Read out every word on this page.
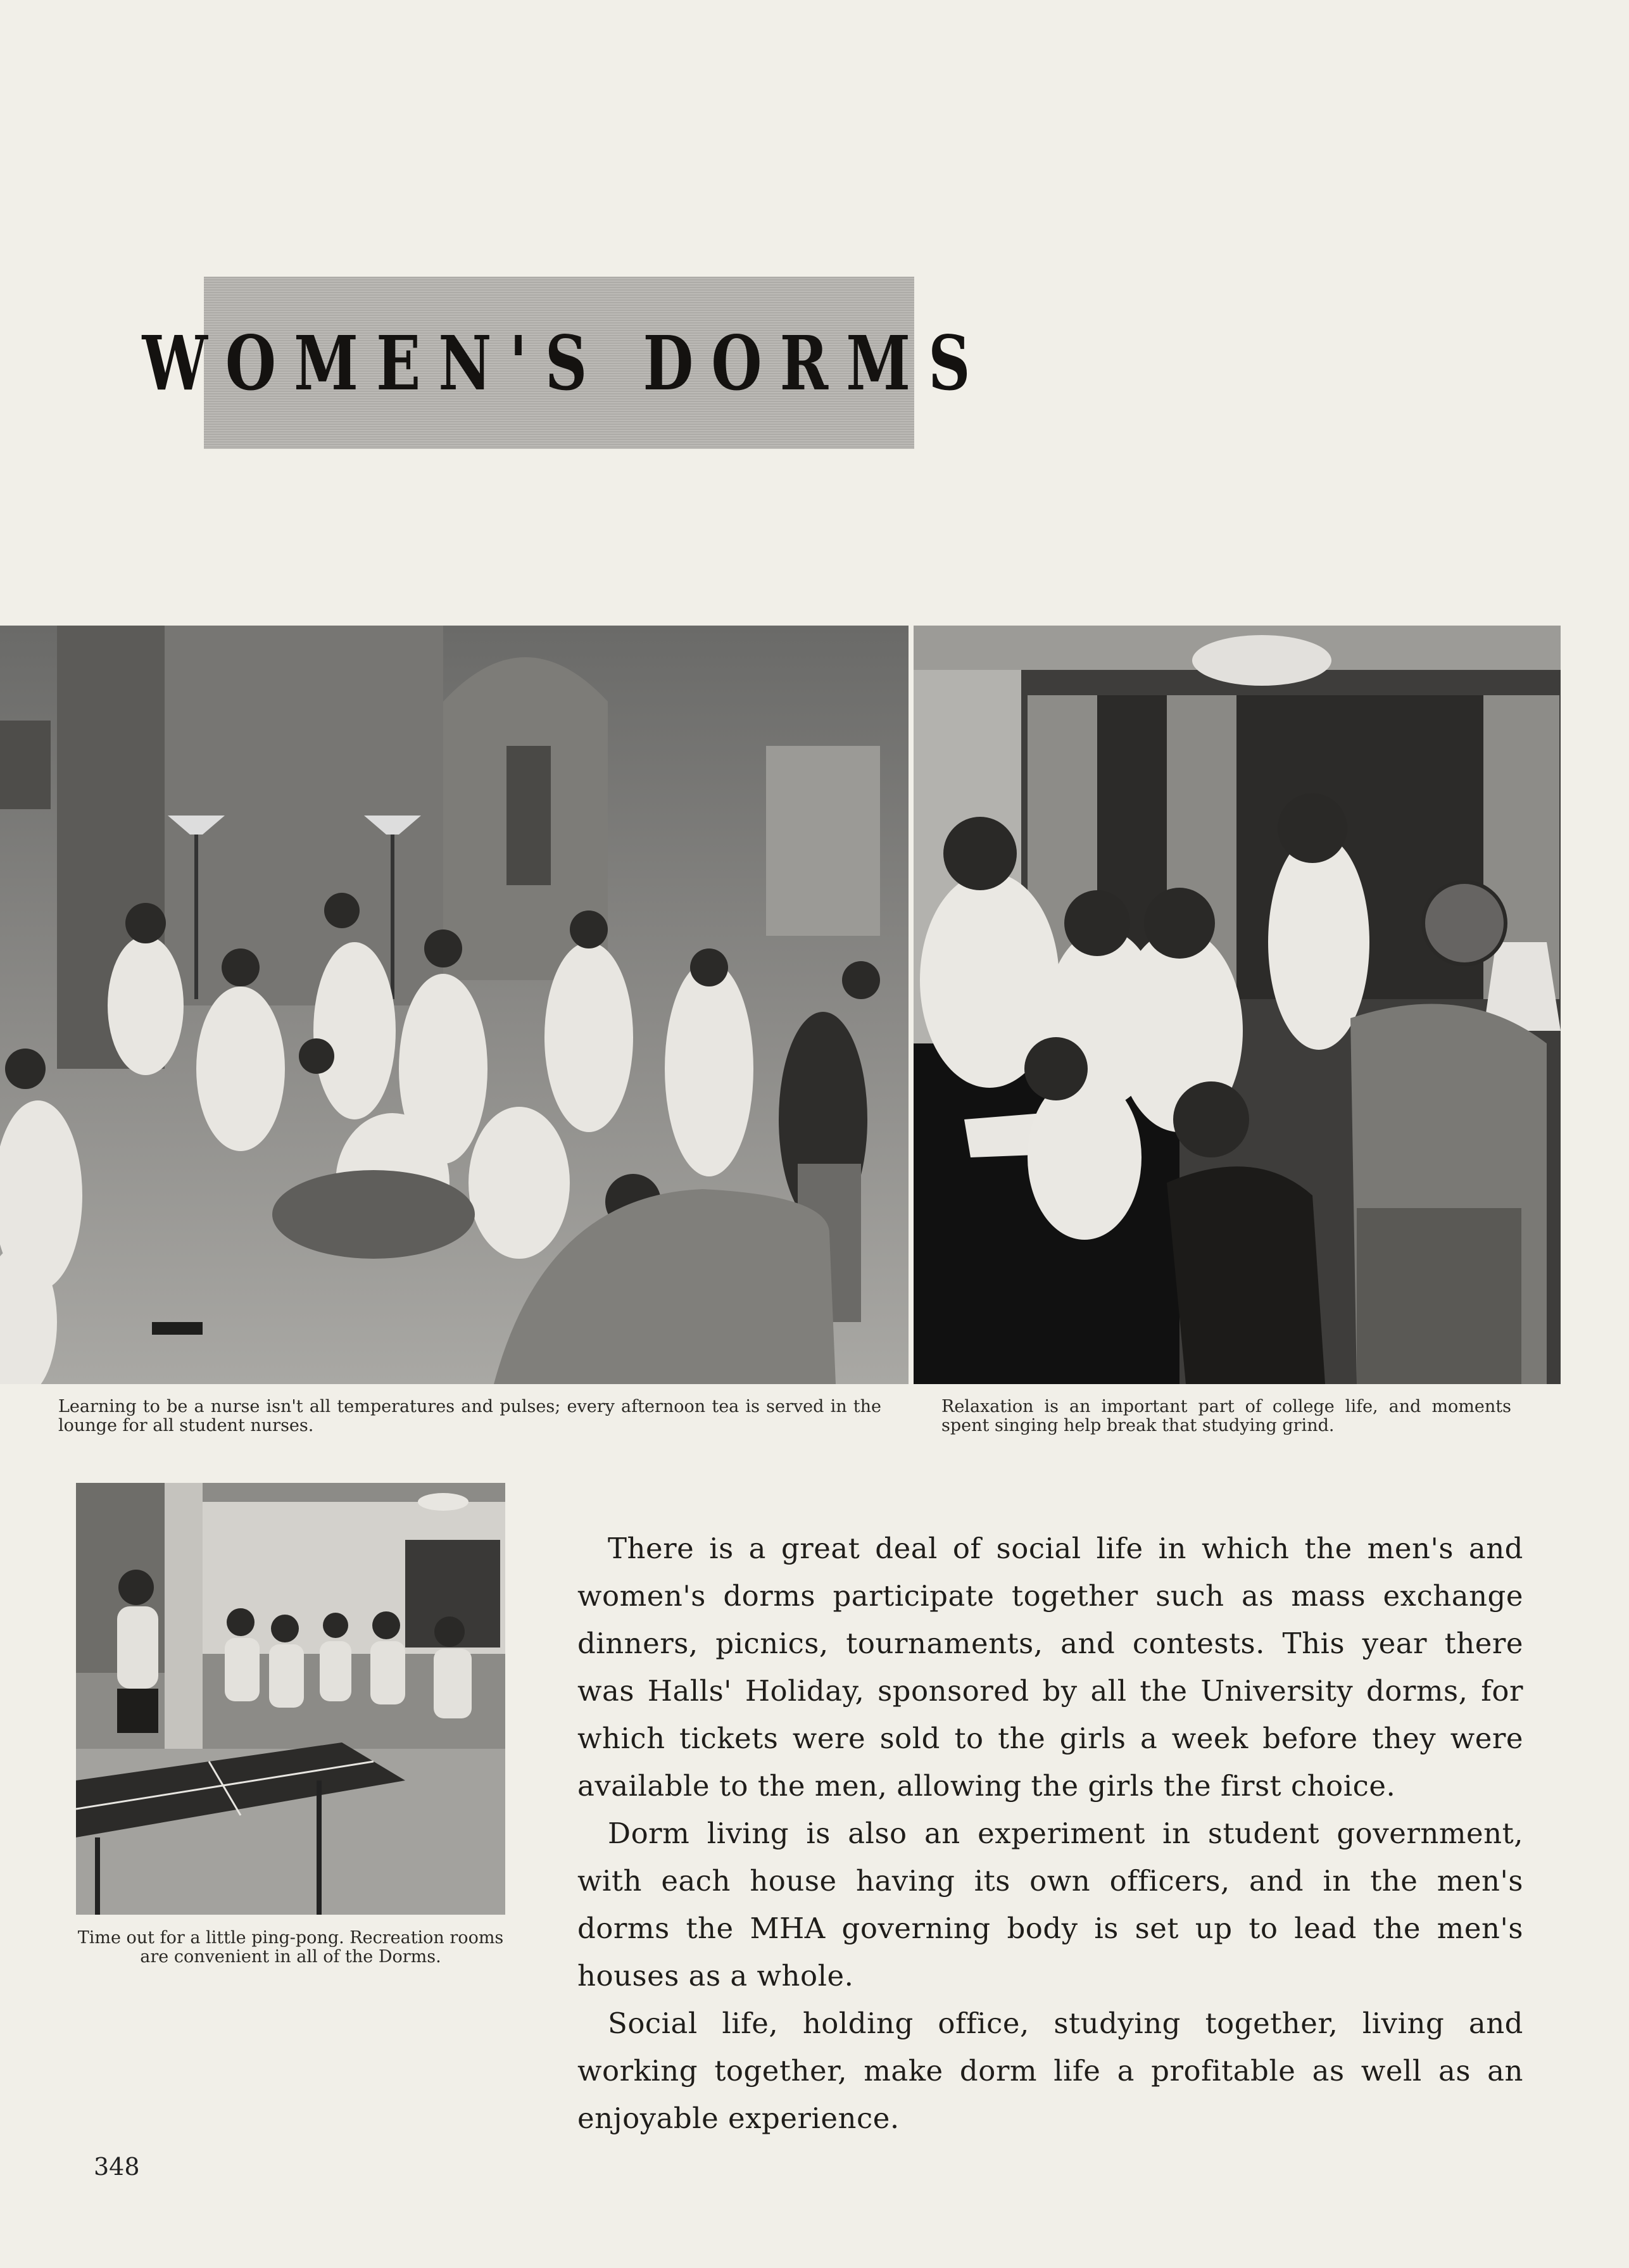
WOMEN'S DORMS
Learning to be a nurse isn't all temperatures and pulses; every afternoon tea is served in the lounge for all student nurses.
Relaxation is an important part of college life, and moments spent singing help break that studying grind.
Time out for a little ping-pong. Recreation rooms are convenient in all of the Dorms.

There is a great deal of social life in which the men's and women's dorms participate together such as mass exchange dinners, picnics, tournaments, and contests. This year there was Halls' Holiday, sponsored by all the University dorms, for which tickets were sold to the girls a week before they were available to the men, allowing the girls the first choice.

Dorm living is also an experiment in student government, with each house having its own officers, and in the men's dorms the MHA governing body is set up to lead the men's houses as a whole.

Social life, holding office, studying together, living and working together, make dorm life a profitable as well as an enjoyable experience.

348
